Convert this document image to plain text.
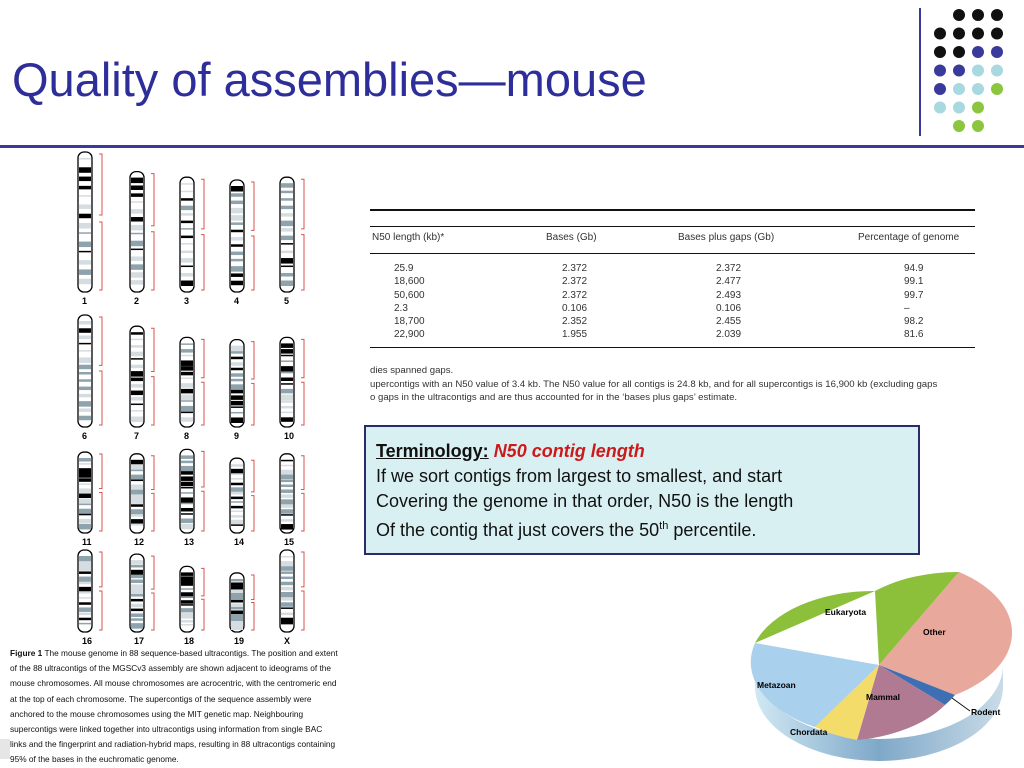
Quality of assemblies—mouse
1	2	3	4	5
6	7	8	9	10
11	12	13	14	15
16	17	18	19	X
Figure 1 The mouse genome in 88 sequence-based ultracontigs. The position and extent
of the 88 ultracontigs of the MGSCv3 assembly are shown adjacent to ideograms of the
mouse chromosomes. All mouse chromosomes are acrocentric, with the centromeric end
at the top of each chromosome. The supercontigs of the sequence assembly were
anchored to the mouse chromosomes using the MIT genetic map. Neighbouring
supercontigs were linked together into ultracontigs using information from single BAC
links and the fingerprint and radiation-hybrid maps, resulting in 88 ultracontigs containing
95% of the bases in the euchromatic genome.
N50 length (kb)*	Bases (Gb)	Bases plus gaps (Gb)	Percentage of genome
25.9	2.372	2.372	94.9
18,600	2.372	2.477	99.1
50,600	2.372	2.493	99.7
2.3	0.106	0.106	–
18,700	2.352	2.455	98.2
22,900	1.955	2.039	81.6
dies spanned gaps.
upercontigs with an N50 value of 3.4 kb. The N50 value for all contigs is 24.8 kb, and for all supercontigs is 16,900 kb (excluding gaps
o gaps in the ultracontigs and are thus accounted for in the ‘bases plus gaps’ estimate.
Terminology: N50 contig length
If we sort contigs from largest to smallest, and start
Covering the genome in that order, N50 is the length
Of the contig that just covers the 50th percentile.
Eukaryota
Other
Metazoan
Mammal
Rodent
Chordata
